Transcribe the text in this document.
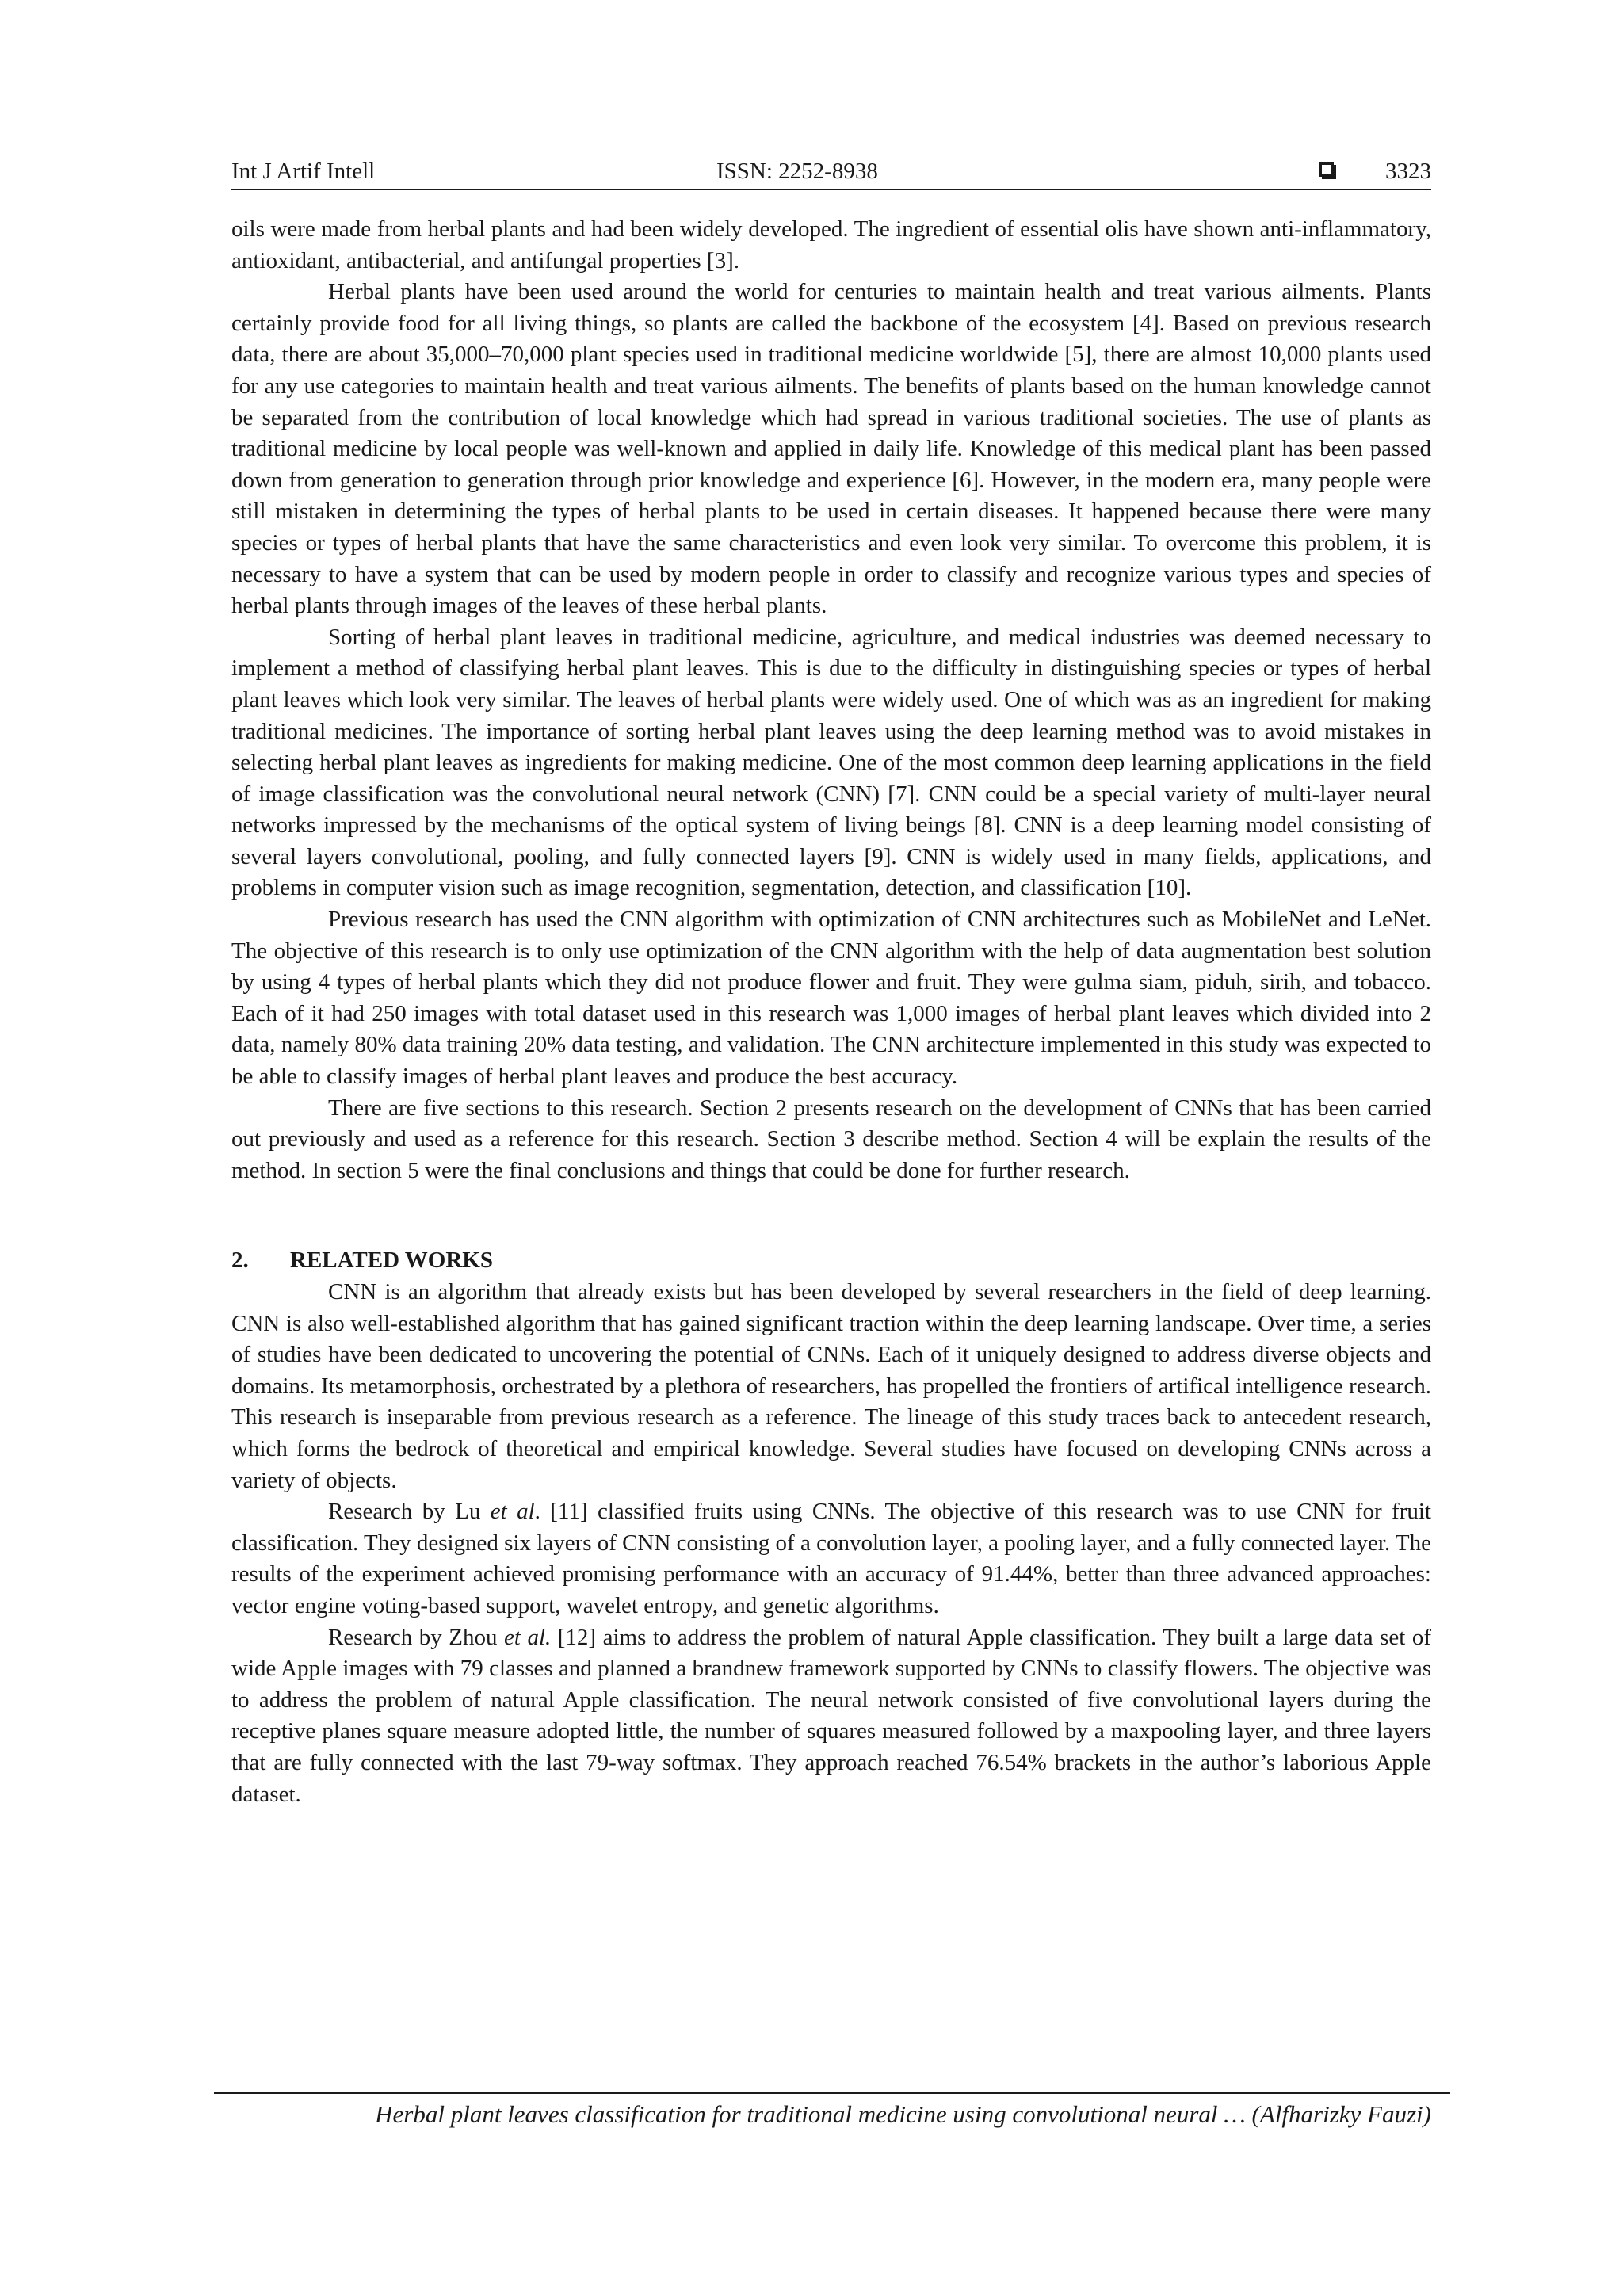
Int J Artif Intell	ISSN: 2252-8938	3323

oils were made from herbal plants and had been widely developed. The ingredient of essential olis have shown anti-inflammatory, antioxidant, antibacterial, and antifungal properties [3].

Herbal plants have been used around the world for centuries to maintain health and treat various ailments. Plants certainly provide food for all living things, so plants are called the backbone of the ecosystem [4]. Based on previous research data, there are about 35,000–70,000 plant species used in traditional medicine worldwide [5], there are almost 10,000 plants used for any use categories to maintain health and treat various ailments. The benefits of plants based on the human knowledge cannot be separated from the contribution of local knowledge which had spread in various traditional societies. The use of plants as traditional medicine by local people was well-known and applied in daily life. Knowledge of this medical plant has been passed down from generation to generation through prior knowledge and experience [6]. However, in the modern era, many people were still mistaken in determining the types of herbal plants to be used in certain diseases. It happened because there were many species or types of herbal plants that have the same characteristics and even look very similar. To overcome this problem, it is necessary to have a system that can be used by modern people in order to classify and recognize various types and species of herbal plants through images of the leaves of these herbal plants.

Sorting of herbal plant leaves in traditional medicine, agriculture, and medical industries was deemed necessary to implement a method of classifying herbal plant leaves. This is due to the difficulty in distinguishing species or types of herbal plant leaves which look very similar. The leaves of herbal plants were widely used. One of which was as an ingredient for making traditional medicines. The importance of sorting herbal plant leaves using the deep learning method was to avoid mistakes in selecting herbal plant leaves as ingredients for making medicine. One of the most common deep learning applications in the field of image classification was the convolutional neural network (CNN) [7]. CNN could be a special variety of multi-layer neural networks impressed by the mechanisms of the optical system of living beings [8]. CNN is a deep learning model consisting of several layers convolutional, pooling, and fully connected layers [9]. CNN is widely used in many fields, applications, and problems in computer vision such as image recognition, segmentation, detection, and classification [10].

Previous research has used the CNN algorithm with optimization of CNN architectures such as MobileNet and LeNet. The objective of this research is to only use optimization of the CNN algorithm with the help of data augmentation best solution by using 4 types of herbal plants which they did not produce flower and fruit. They were gulma siam, piduh, sirih, and tobacco. Each of it had 250 images with total dataset used in this research was 1,000 images of herbal plant leaves which divided into 2 data, namely 80% data training 20% data testing, and validation. The CNN architecture implemented in this study was expected to be able to classify images of herbal plant leaves and produce the best accuracy.

There are five sections to this research. Section 2 presents research on the development of CNNs that has been carried out previously and used as a reference for this research. Section 3 describe method. Section 4 will be explain the results of the method. In section 5 were the final conclusions and things that could be done for further research.

2. RELATED WORKS

CNN is an algorithm that already exists but has been developed by several researchers in the field of deep learning. CNN is also well-established algorithm that has gained significant traction within the deep learning landscape. Over time, a series of studies have been dedicated to uncovering the potential of CNNs. Each of it uniquely designed to address diverse objects and domains. Its metamorphosis, orchestrated by a plethora of researchers, has propelled the frontiers of artifical intelligence research. This research is inseparable from previous research as a reference. The lineage of this study traces back to antecedent research, which forms the bedrock of theoretical and empirical knowledge. Several studies have focused on developing CNNs across a variety of objects.

Research by Lu et al. [11] classified fruits using CNNs. The objective of this research was to use CNN for fruit classification. They designed six layers of CNN consisting of a convolution layer, a pooling layer, and a fully connected layer. The results of the experiment achieved promising performance with an accuracy of 91.44%, better than three advanced approaches: vector engine voting-based support, wavelet entropy, and genetic algorithms.

Research by Zhou et al. [12] aims to address the problem of natural Apple classification. They built a large data set of wide Apple images with 79 classes and planned a brandnew framework supported by CNNs to classify flowers. The objective was to address the problem of natural Apple classification. The neural network consisted of five convolutional layers during the receptive planes square measure adopted little, the number of squares measured followed by a maxpooling layer, and three layers that are fully connected with the last 79-way softmax. They approach reached 76.54% brackets in the author’s laborious Apple dataset.

Herbal plant leaves classification for traditional medicine using convolutional neural … (Alfharizky Fauzi)
